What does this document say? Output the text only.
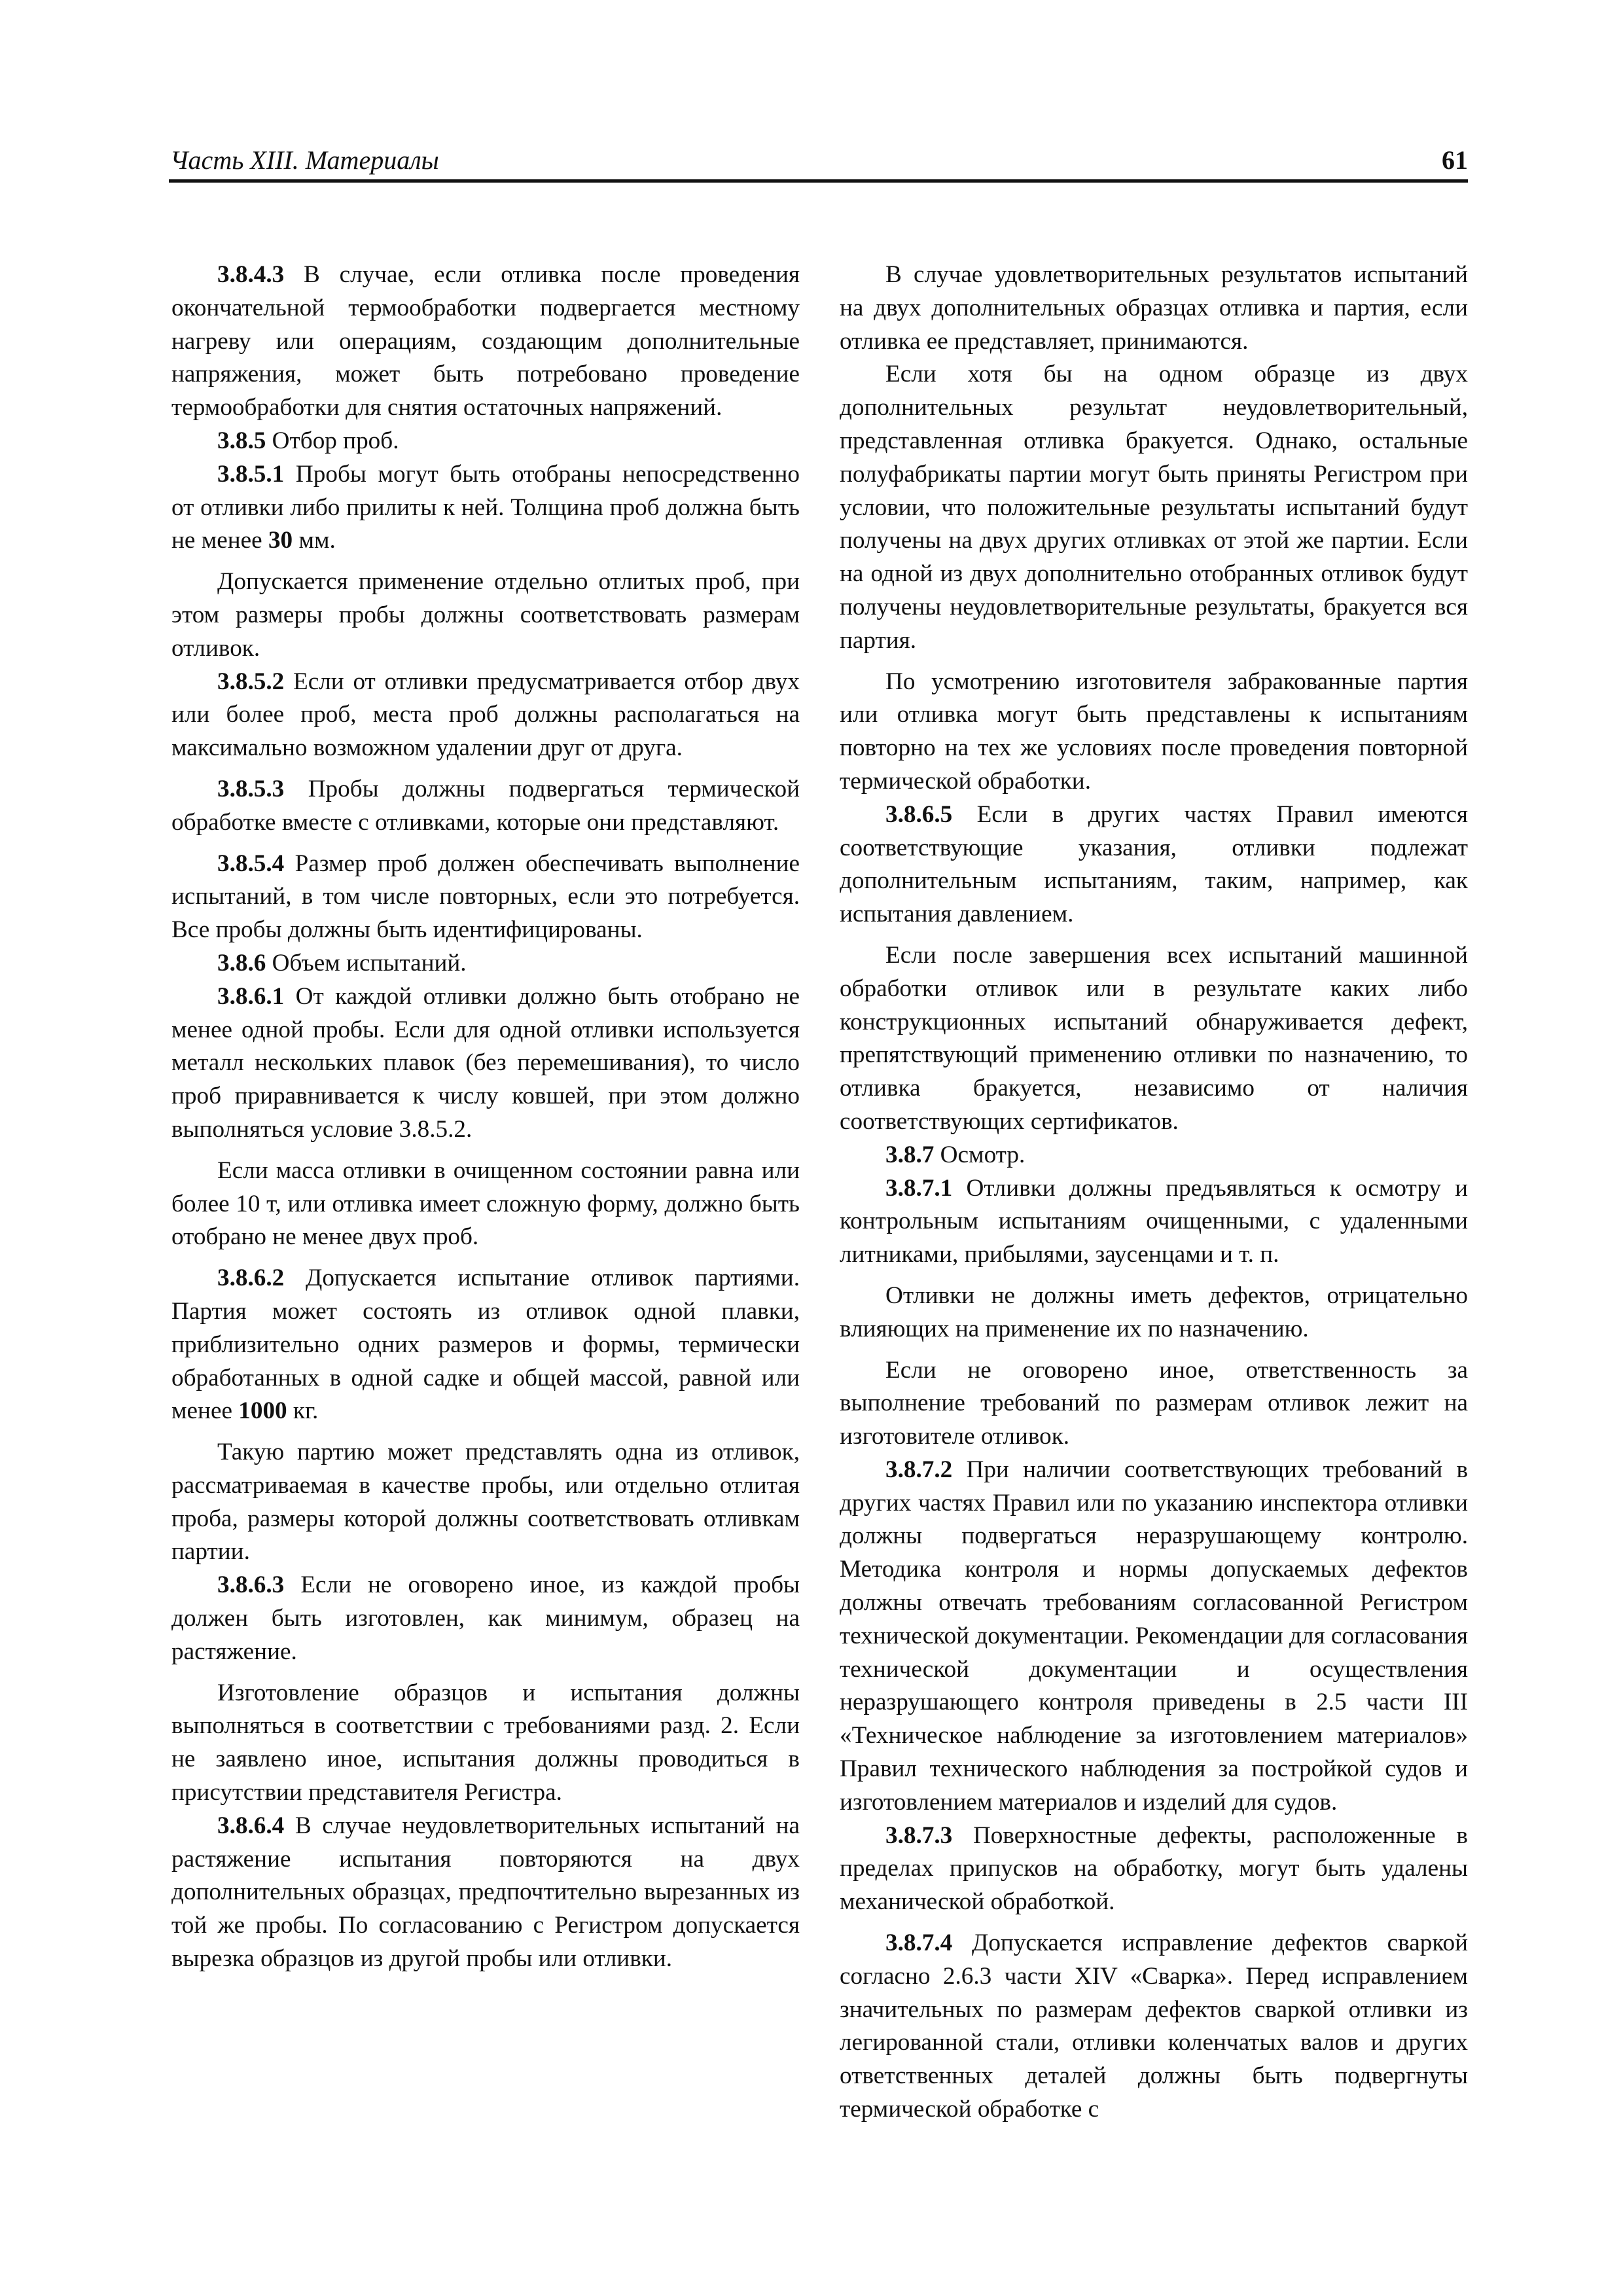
Часть XIII. Материалы	61

3.8.4.3 В случае, если отливка после проведения окончательной термообработки подвергается местному нагреву или операциям, создающим дополнительные напряжения, может быть потребовано проведение термообработки для снятия остаточных напряжений.

3.8.5 Отбор проб.

3.8.5.1 Пробы могут быть отобраны непосредственно от отливки либо прилиты к ней. Толщина проб должна быть не менее 30 мм.

Допускается применение отдельно отлитых проб, при этом размеры пробы должны соответствовать размерам отливок.

3.8.5.2 Если от отливки предусматривается отбор двух или более проб, места проб должны располагаться на максимально возможном удалении друг от друга.

3.8.5.3 Пробы должны подвергаться термической обработке вместе с отливками, которые они представляют.

3.8.5.4 Размер проб должен обеспечивать выполнение испытаний, в том числе повторных, если это потребуется. Все пробы должны быть идентифицированы.

3.8.6 Объем испытаний.

3.8.6.1 От каждой отливки должно быть отобрано не менее одной пробы. Если для одной отливки используется металл нескольких плавок (без перемешивания), то число проб приравнивается к числу ковшей, при этом должно выполняться условие 3.8.5.2.

Если масса отливки в очищенном состоянии равна или более 10 т, или отливка имеет сложную форму, должно быть отобрано не менее двух проб.

3.8.6.2 Допускается испытание отливок партиями. Партия может состоять из отливок одной плавки, приблизительно одних размеров и формы, термически обработанных в одной садке и общей массой, равной или менее 1000 кг.

Такую партию может представлять одна из отливок, рассматриваемая в качестве пробы, или отдельно отлитая проба, размеры которой должны соответствовать отливкам партии.

3.8.6.3 Если не оговорено иное, из каждой пробы должен быть изготовлен, как минимум, образец на растяжение.

Изготовление образцов и испытания должны выполняться в соответствии с требованиями разд. 2. Если не заявлено иное, испытания должны проводиться в присутствии представителя Регистра.

3.8.6.4 В случае неудовлетворительных испытаний на растяжение испытания повторяются на двух дополнительных образцах, предпочтительно вырезанных из той же пробы. По согласованию с Регистром допускается вырезка образцов из другой пробы или отливки.

В случае удовлетворительных результатов испытаний на двух дополнительных образцах отливка и партия, если отливка ее представляет, принимаются.

Если хотя бы на одном образце из двух дополнительных результат неудовлетворительный, представленная отливка бракуется. Однако, остальные полуфабрикаты партии могут быть приняты Регистром при условии, что положительные результаты испытаний будут получены на двух других отливках от этой же партии. Если на одной из двух дополнительно отобранных отливок будут получены неудовлетворительные результаты, бракуется вся партия.

По усмотрению изготовителя забракованные партия или отливка могут быть представлены к испытаниям повторно на тех же условиях после проведения повторной термической обработки.

3.8.6.5 Если в других частях Правил имеются соответствующие указания, отливки подлежат дополнительным испытаниям, таким, например, как испытания давлением.

Если после завершения всех испытаний машинной обработки отливок или в результате каких либо конструкционных испытаний обнаруживается дефект, препятствующий применению отливки по назначению, то отливка бракуется, независимо от наличия соответствующих сертификатов.

3.8.7 Осмотр.

3.8.7.1 Отливки должны предъявляться к осмотру и контрольным испытаниям очищенными, с удаленными литниками, прибылями, заусенцами и т. п.

Отливки не должны иметь дефектов, отрицательно влияющих на применение их по назначению.

Если не оговорено иное, ответственность за выполнение требований по размерам отливок лежит на изготовителе отливок.

3.8.7.2 При наличии соответствующих требований в других частях Правил или по указанию инспектора отливки должны подвергаться неразрушающему контролю. Методика контроля и нормы допускаемых дефектов должны отвечать требованиям согласованной Регистром технической документации. Рекомендации для согласования технической документации и осуществления неразрушающего контроля приведены в 2.5 части III «Техническое наблюдение за изготовлением материалов» Правил технического наблюдения за постройкой судов и изготовлением материалов и изделий для судов.

3.8.7.3 Поверхностные дефекты, расположенные в пределах припусков на обработку, могут быть удалены механической обработкой.

3.8.7.4 Допускается исправление дефектов сваркой согласно 2.6.3 части XIV «Сварка». Перед исправлением значительных по размерам дефектов сваркой отливки из легированной стали, отливки коленчатых валов и других ответственных деталей должны быть подвергнуты термической обработке с
